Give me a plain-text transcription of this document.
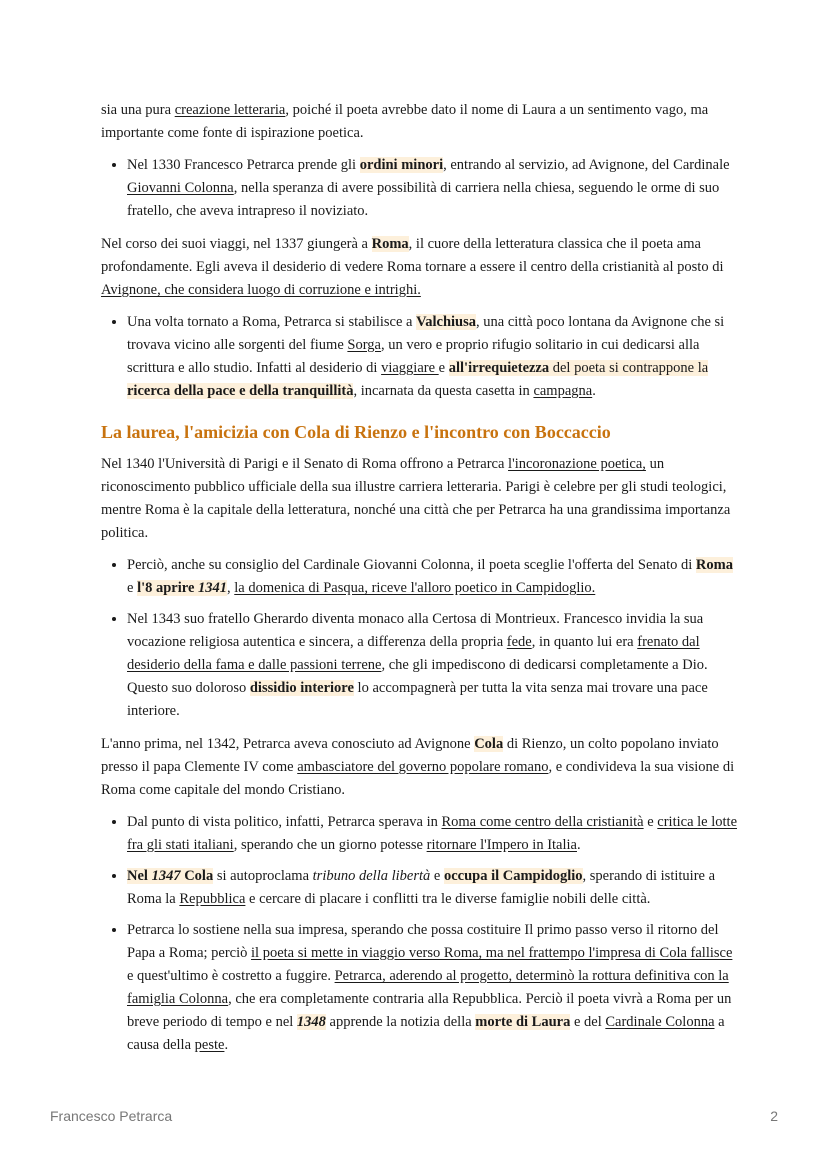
sia una pura creazione letteraria, poiché il poeta avrebbe dato il nome di Laura a un sentimento vago, ma importante come fonte di ispirazione poetica.

• Nel 1330 Francesco Petrarca prende gli ordini minori, entrando al servizio, ad Avignone, del Cardinale Giovanni Colonna, nella speranza di avere possibilità di carriera nella chiesa, seguendo le orme di suo fratello, che aveva intrapreso il noviziato.

Nel corso dei suoi viaggi, nel 1337 giungerà a Roma, il cuore della letteratura classica che il poeta ama profondamente. Egli aveva il desiderio di vedere Roma tornare a essere il centro della cristianità al posto di Avignone, che considera luogo di corruzione e intrighi.

• Una volta tornato a Roma, Petrarca si stabilisce a Valchiusa, una città poco lontana da Avignone che si trovava vicino alle sorgenti del fiume Sorga, un vero e proprio rifugio solitario in cui dedicarsi alla scrittura e allo studio. Infatti al desiderio di viaggiare e all'irrequietezza del poeta si contrappone la ricerca della pace e della tranquillità, incarnata da questa casetta in campagna.
La laurea, l'amicizia con Cola di Rienzo e l'incontro con Boccaccio

Nel 1340 l'Università di Parigi e il Senato di Roma offrono a Petrarca l'incoronazione poetica, un riconoscimento pubblico ufficiale della sua illustre carriera letteraria. Parigi è celebre per gli studi teologici, mentre Roma è la capitale della letteratura, nonché una città che per Petrarca ha una grandissima importanza politica.

• Perciò, anche su consiglio del Cardinale Giovanni Colonna, il poeta sceglie l'offerta del Senato di Roma e l'8 aprire 1341, la domenica di Pasqua, riceve l'alloro poetico in Campidoglio.
• Nel 1343 suo fratello Gherardo diventa monaco alla Certosa di Montrieux. Francesco invidia la sua vocazione religiosa autentica e sincera, a differenza della propria fede, in quanto lui era frenato dal desiderio della fama e dalle passioni terrene, che gli impediscono di dedicarsi completamente a Dio. Questo suo doloroso dissidio interiore lo accompagnerà per tutta la vita senza mai trovare una pace interiore.

L'anno prima, nel 1342, Petrarca aveva conosciuto ad Avignone Cola di Rienzo, un colto popolano inviato presso il papa Clemente IV come ambasciatore del governo popolare romano, e condivideva la sua visione di Roma come capitale del mondo Cristiano.

• Dal punto di vista politico, infatti, Petrarca sperava in Roma come centro della cristianità e critica le lotte fra gli stati italiani, sperando che un giorno potesse ritornare l'Impero in Italia.
• Nel 1347 Cola si autoproclama tribuno della libertà e occupa il Campidoglio, sperando di istituire a Roma la Repubblica e cercare di placare i conflitti tra le diverse famiglie nobili delle città.
• Petrarca lo sostiene nella sua impresa, sperando che possa costituire Il primo passo verso il ritorno del Papa a Roma; perciò il poeta si mette in viaggio verso Roma, ma nel frattempo l'impresa di Cola fallisce e quest'ultimo è costretto a fuggire. Petrarca, aderendo al progetto, determinò la rottura definitiva con la famiglia Colonna, che era completamente contraria alla Repubblica. Perciò il poeta vivrà a Roma per un breve periodo di tempo e nel 1348 apprende la notizia della morte di Laura e del Cardinale Colonna a causa della peste.
Francesco Petrarca	2
